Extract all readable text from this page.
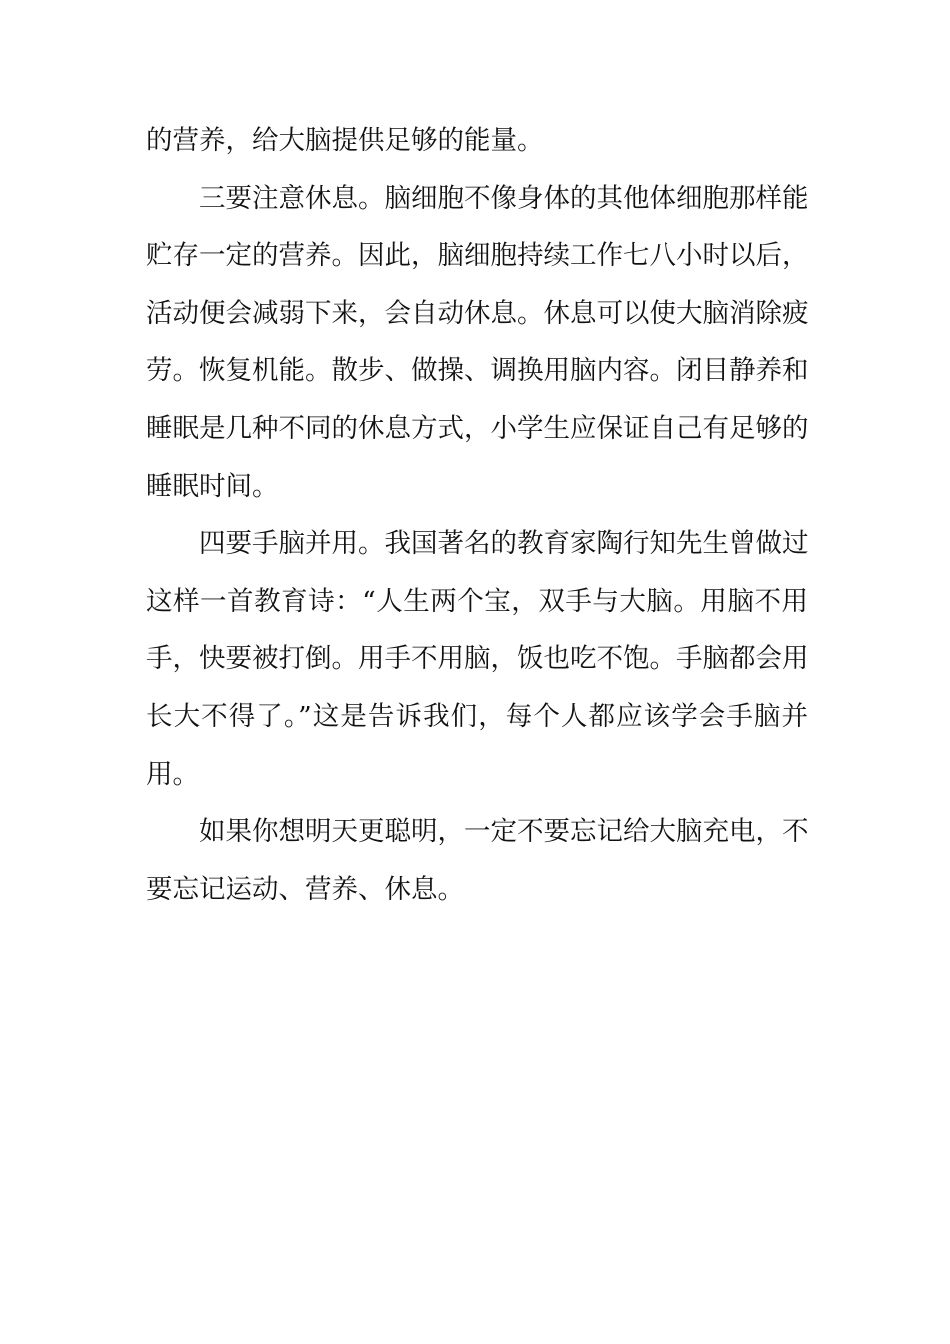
的营养，给大脑提供足够的能量。

三要注意休息。脑细胞不像身体的其他体细胞那样能
贮存一定的营养。因此，脑细胞持续工作七八小时以后，
活动便会减弱下来，会自动休息。休息可以使大脑消除疲
劳。恢复机能。散步、做操、调换用脑内容。闭目静养和
睡眠是几种不同的休息方式，小学生应保证自己有足够的
睡眠时间。

四要手脑并用。我国著名的教育家陶行知先生曾做过
这样一首教育诗：“人生两个宝，双手与大脑。用脑不用
手，快要被打倒。用手不用脑，饭也吃不饱。手脑都会用
长大不得了。”这是告诉我们，每个人都应该学会手脑并
用。

如果你想明天更聪明，一定不要忘记给大脑充电，不
要忘记运动、营养、休息。
